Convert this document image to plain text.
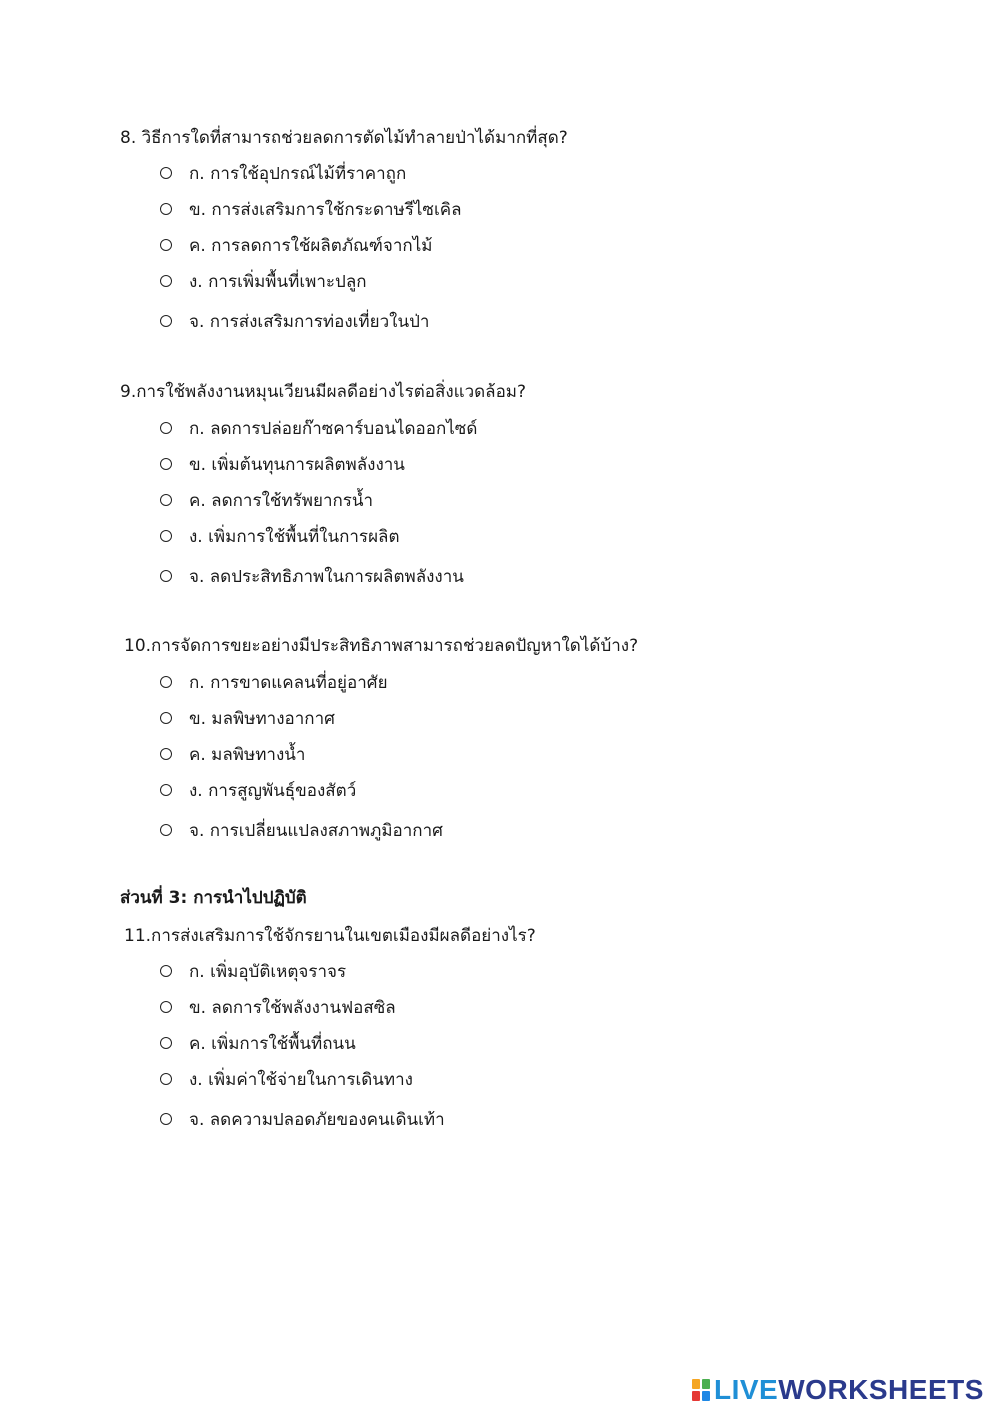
8. วิธีการใดที่สามารถช่วยลดการตัดไม้ทำลายป่าได้มากที่สุด?
ก. การใช้อุปกรณ์ไม้ที่ราคาถูก
ข. การส่งเสริมการใช้กระดาษรีไซเคิล
ค. การลดการใช้ผลิตภัณฑ์จากไม้
ง. การเพิ่มพื้นที่เพาะปลูก
จ. การส่งเสริมการท่องเที่ยวในป่า
9.การใช้พลังงานหมุนเวียนมีผลดีอย่างไรต่อสิ่งแวดล้อม?
ก. ลดการปล่อยก๊าซคาร์บอนไดออกไซด์
ข. เพิ่มต้นทุนการผลิตพลังงาน
ค. ลดการใช้ทรัพยากรน้ำ
ง. เพิ่มการใช้พื้นที่ในการผลิต
จ. ลดประสิทธิภาพในการผลิตพลังงาน
10.การจัดการขยะอย่างมีประสิทธิภาพสามารถช่วยลดปัญหาใดได้บ้าง?
ก. การขาดแคลนที่อยู่อาศัย
ข. มลพิษทางอากาศ
ค. มลพิษทางน้ำ
ง. การสูญพันธุ์ของสัตว์
จ. การเปลี่ยนแปลงสภาพภูมิอากาศ
ส่วนที่ 3: การนำไปปฏิบัติ
11.การส่งเสริมการใช้จักรยานในเขตเมืองมีผลดีอย่างไร?
ก. เพิ่มอุบัติเหตุจราจร
ข. ลดการใช้พลังงานฟอสซิล
ค. เพิ่มการใช้พื้นที่ถนน
ง. เพิ่มค่าใช้จ่ายในการเดินทาง
จ. ลดความปลอดภัยของคนเดินเท้า
LIVE WORKSHEETS
